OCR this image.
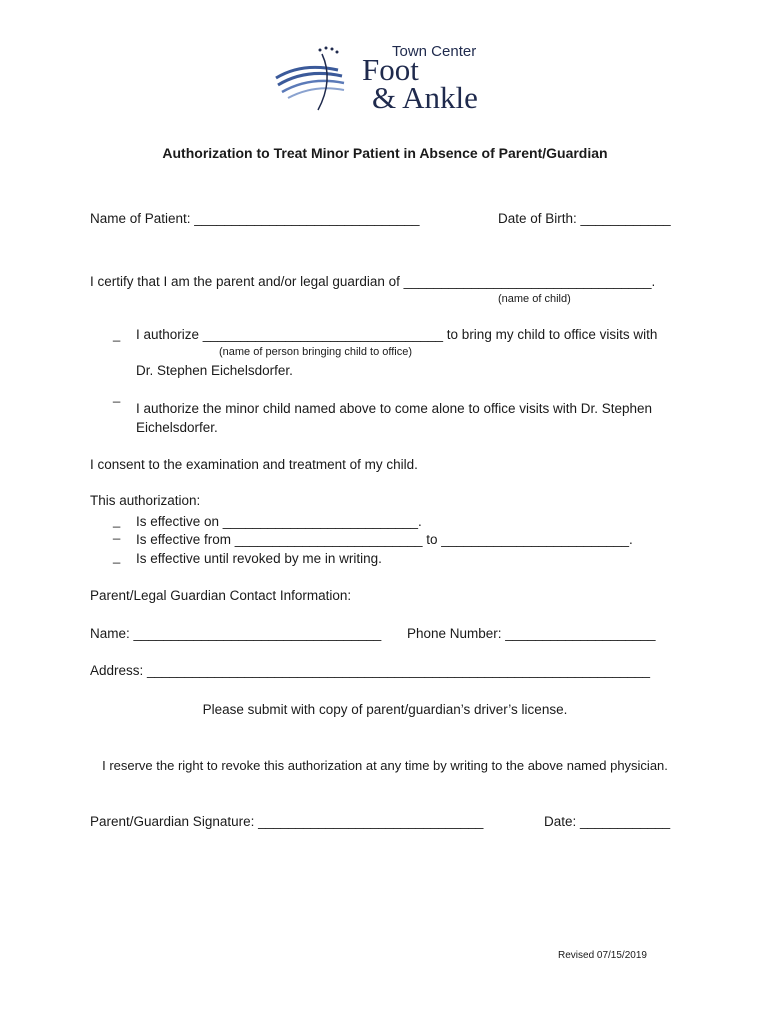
Town Center
Foot
& Ankle
Authorization to Treat Minor Patient in Absence of Parent/Guardian
Name of Patient: ______________________________	Date of Birth: ____________
I certify that I am the parent and/or legal guardian of _________________________________.
(name of child)
_ I authorize ________________________________ to bring my child to office visits with
(name of person bringing child to office)
Dr. Stephen Eichelsdorfer.
_
I authorize the minor child named above to come alone to office visits with Dr. Stephen
Eichelsdorfer.
I consent to the examination and treatment of my child.
This authorization:
_ Is effective on __________________________.
_ Is effective from _________________________ to _________________________.
_ Is effective until revoked by me in writing.
Parent/Legal Guardian Contact Information:
Name: _________________________________ Phone Number: ____________________
Address: ___________________________________________________________________
Please submit with copy of parent/guardian’s driver’s license.
I reserve the right to revoke this authorization at any time by writing to the above named physician.
Parent/Guardian Signature: ______________________________	Date: ____________
Revised 07/15/2019
